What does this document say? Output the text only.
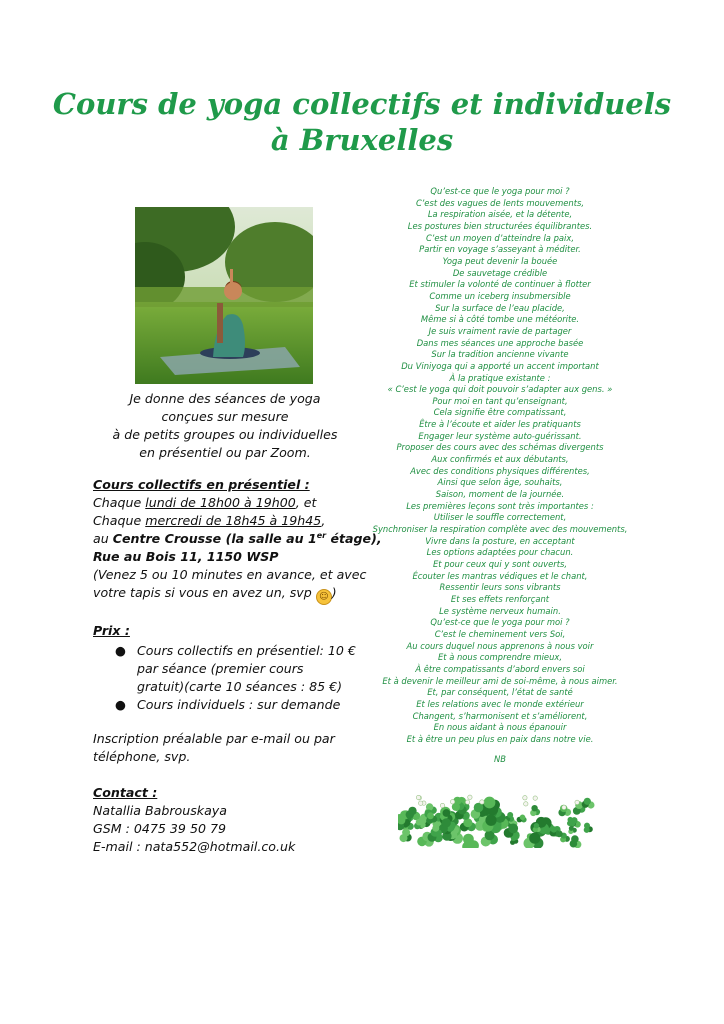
Cours de yoga collectifs et individuels
à Bruxelles
Je donne des séances de yoga
conçues sur mesure
à de petits groupes ou individuelles
en présentiel ou par Zoom.
Cours collectifs en présentiel :
Chaque lundi de 18h00 à 19h00, et
Chaque mercredi de 18h45 à 19h45,
au Centre Crousse (la salle au 1er étage),
Rue au Bois 11, 1150 WSP
(Venez 5 ou 10 minutes en avance, et avec
votre tapis si vous en avez un, svp ☺ )
Prix :
● Cours collectifs en présentiel: 10 €
par séance (premier cours
gratuit)(carte 10 séances : 85 €)
● Cours individuels : sur demande
Inscription préalable par e-mail ou par
téléphone, svp.
Contact :
Natallia Babrouskaya
GSM : 0475 39 50 79
E-mail : nata552@hotmail.co.uk
Qu’est-ce que le yoga pour moi ?
C’est des vagues de lents mouvements,
La respiration aisée, et la détente,
Les postures bien structurées équilibrantes.
C’est un moyen d’atteindre la paix,
Partir en voyage s’asseyant à méditer.
Yoga peut devenir la bouée
De sauvetage crédible
Et stimuler la volonté de continuer à flotter
Comme un iceberg insubmersible
Sur la surface de l’eau placide,
Même si à côté tombe une météorite.
Je suis vraiment ravie de partager
Dans mes séances une approche basée
Sur la tradition ancienne vivante
Du Viniyoga qui a apporté un accent important
À la pratique existante :
« C’est le yoga qui doit pouvoir s’adapter aux gens. »
Pour moi en tant qu’enseignant,
Cela signifie être compatissant,
Être à l’écoute et aider les pratiquants
Engager leur système auto-guérissant.
Proposer des cours avec des schémas divergents
Aux confirmés et aux débutants,
Avec des conditions physiques différentes,
Ainsi que selon âge, souhaits,
Saison, moment de la journée.
Les premières leçons sont très importantes :
Utiliser le souffle correctement,
Synchroniser la respiration complète avec des mouvements,
Vivre dans la posture, en acceptant
Les options adaptées pour chacun.
Et pour ceux qui y sont ouverts,
Écouter les mantras védiques et le chant,
Ressentir leurs sons vibrants
Et ses effets renforçant
Le système nerveux humain.
Qu’est-ce que le yoga pour moi ?
C’est le cheminement vers Soi,
Au cours duquel nous apprenons à nous voir
Et à nous comprendre mieux,
À être compatissants d’abord envers soi
Et à devenir le meilleur ami de soi-même, à nous aimer.
Et, par conséquent, l’état de santé
Et les relations avec le monde extérieur
Changent, s’harmonisent et s’améliorent,
En nous aidant à nous épanouir
Et à être un peu plus en paix dans notre vie.
NB
